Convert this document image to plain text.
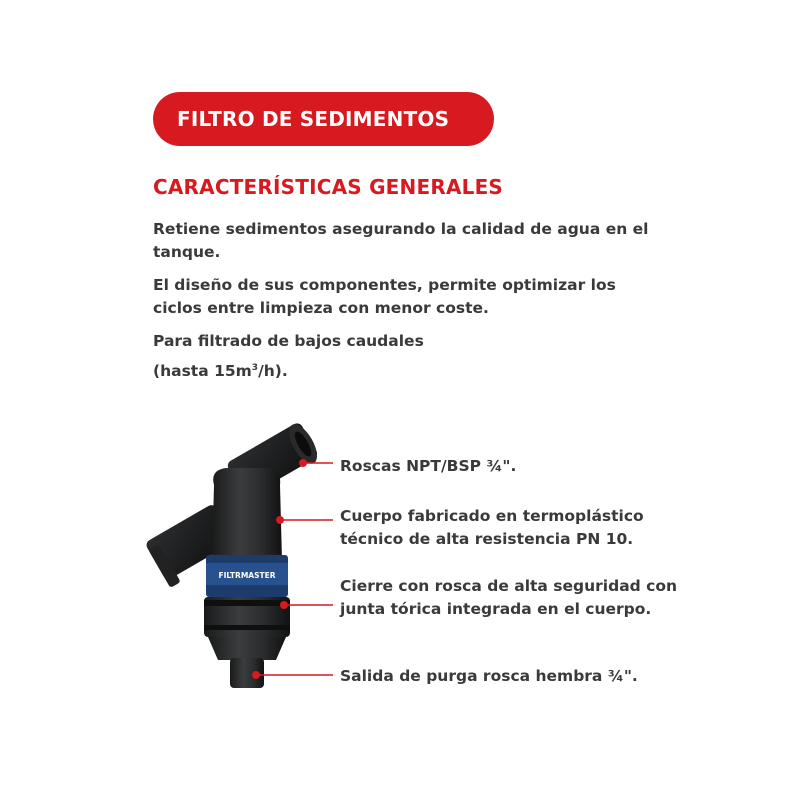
FILTRO DE SEDIMENTOS
CARACTERÍSTICAS GENERALES
Retiene sedimentos asegurando la calidad de agua en el tanque.
El diseño de sus componentes, permite optimizar los ciclos entre limpieza con menor coste.
Para filtrado de bajos caudales
(hasta $15m^3/h$).
FILTRMASTER
Roscas NPT/BSP ¾".
Cuerpo fabricado en termoplástico técnico de alta resistencia PN 10.
Cierre con rosca de alta seguridad con junta tórica integrada en el cuerpo.
Salida de purga rosca hembra ¾".
